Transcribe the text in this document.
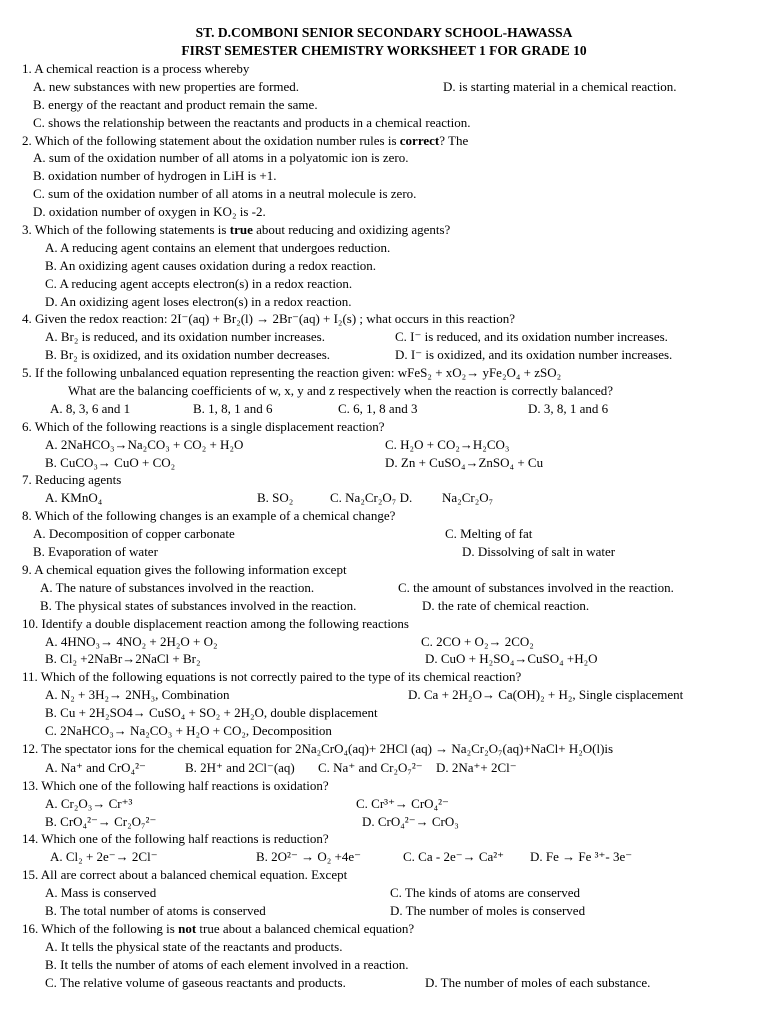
ST. D.COMBONI SENIOR SECONDARY SCHOOL-HAWASSA
FIRST SEMESTER CHEMISTRY WORKSHEET 1 FOR GRADE 10
1. A chemical reaction is a process whereby
A. new substances with new properties are formed.	D. is starting material in a chemical reaction.
B. energy of the reactant and product remain the same.
C. shows the relationship between the reactants and products in a chemical reaction.
2. Which of the following statement about the oxidation number rules is correct? The
A. sum of the oxidation number of all atoms in a polyatomic ion is zero.
B. oxidation number of hydrogen in LiH is +1.
C. sum of the oxidation number of all atoms in a neutral molecule is zero.
D. oxidation number of oxygen in KO₂ is -2.
3. Which of the following statements is true about reducing and oxidizing agents?
A. A reducing agent contains an element that undergoes reduction.
B. An oxidizing agent causes oxidation during a redox reaction.
C. A reducing agent accepts electron(s) in a redox reaction.
D. An oxidizing agent loses electron(s) in a redox reaction.
4. Given the redox reaction: 2I⁻(aq) + Br₂(l) → 2Br⁻(aq) + I₂(s) ; what occurs in this reaction?
A. Br₂ is reduced, and its oxidation number increases.	C. I⁻ is reduced, and its oxidation number increases.
B. Br₂ is oxidized, and its oxidation number decreases.	D. I⁻ is oxidized, and its oxidation number increases.
5. If the following unbalanced equation representing the reaction given: wFeS₂ + xO₂→ yFe₂O₄ + zSO₂
What are the balancing coefficients of w, x, y and z respectively when the reaction is correctly balanced?
A. 8, 3, 6 and 1	B. 1, 8, 1 and 6	C. 6, 1, 8 and 3	D. 3, 8, 1 and 6
6. Which of the following reactions is a single displacement reaction?
A. 2NaHCO₃→Na₂CO₃ + CO₂ + H₂O	C. H₂O + CO₂→H₂CO₃
B. CuCO₃→ CuO + CO₂	D. Zn + CuSO₄→ZnSO₄ + Cu
7. Reducing agents
A. KMnO₄	B. SO₂	C. Na₂Cr₂O₇ D. Na₂Cr₂O₇
8. Which of the following changes is an example of a chemical change?
A. Decomposition of copper carbonate	C. Melting of fat
B. Evaporation of water	D. Dissolving of salt in water
9. A chemical equation gives the following information except
A. The nature of substances involved in the reaction.	C. the amount of substances involved in the reaction.
B. The physical states of substances involved in the reaction.	D. the rate of chemical reaction.
10. Identify a double displacement reaction among the following reactions
A. 4HNO₃→ 4NO₂ + 2H₂O + O₂	C. 2CO + O₂→ 2CO₂
B. Cl₂ +2NaBr→2NaCl + Br₂	D. CuO + H₂SO₄→CuSO₄ +H₂O
11. Which of the following equations is not correctly paired to the type of its chemical reaction?
A. N₂ + 3H₂→ 2NH₃, Combination	D. Ca + 2H₂O→ Ca(OH)₂ + H₂, Single cisplacement
B. Cu + 2H₂SO4→ CuSO₄ + SO₂ + 2H₂O, double displacement
C. 2NaHCO₃→ Na₂CO₃ + H₂O + CO₂, Decomposition
12. The spectator ions for the chemical equation foг 2Na₂CrO₄(aq)+ 2HCl (aq) → Na₂Cr₂O₇(aq)+NaCl+ H₂O(l)is
A. Na⁺ and CrO₄²⁻	B. 2H⁺ and 2Cl⁻(aq) C. Na⁺ and Cr₂O₇²⁻ D. 2Na⁺+ 2Cl⁻
13. Which one of the following half reactions is oxidation?
A. Cr₂O₃→ Cr⁺³	C. Cr³⁺→ CrO₄²⁻
B. CrO₄²⁻→ Cr₂O₇²⁻	D. CrO₄²⁻→ CrO₃
14. Which one of the following half reactions is reduction?
A. Cl₂ + 2e⁻→ 2Cl⁻	B. 2O²⁻ → O₂ +4e⁻	C. Ca - 2e⁻→ Ca²⁺ D. Fe → Fe ³⁺- 3e⁻
15. All are correct about a balanced chemical equation. Except
A. Mass is conserved	C. The kinds of atoms are conserved
B. The total number of atoms is conserved	D. The number of moles is conserved
16. Which of the following is not true about a balanced chemical equation?
A. It tells the physical state of the reactants and products.
B. It tells the number of atoms of each element involved in a reaction.
C. The relative volume of gaseous reactants and products.	D. The number of moles of each substance.
